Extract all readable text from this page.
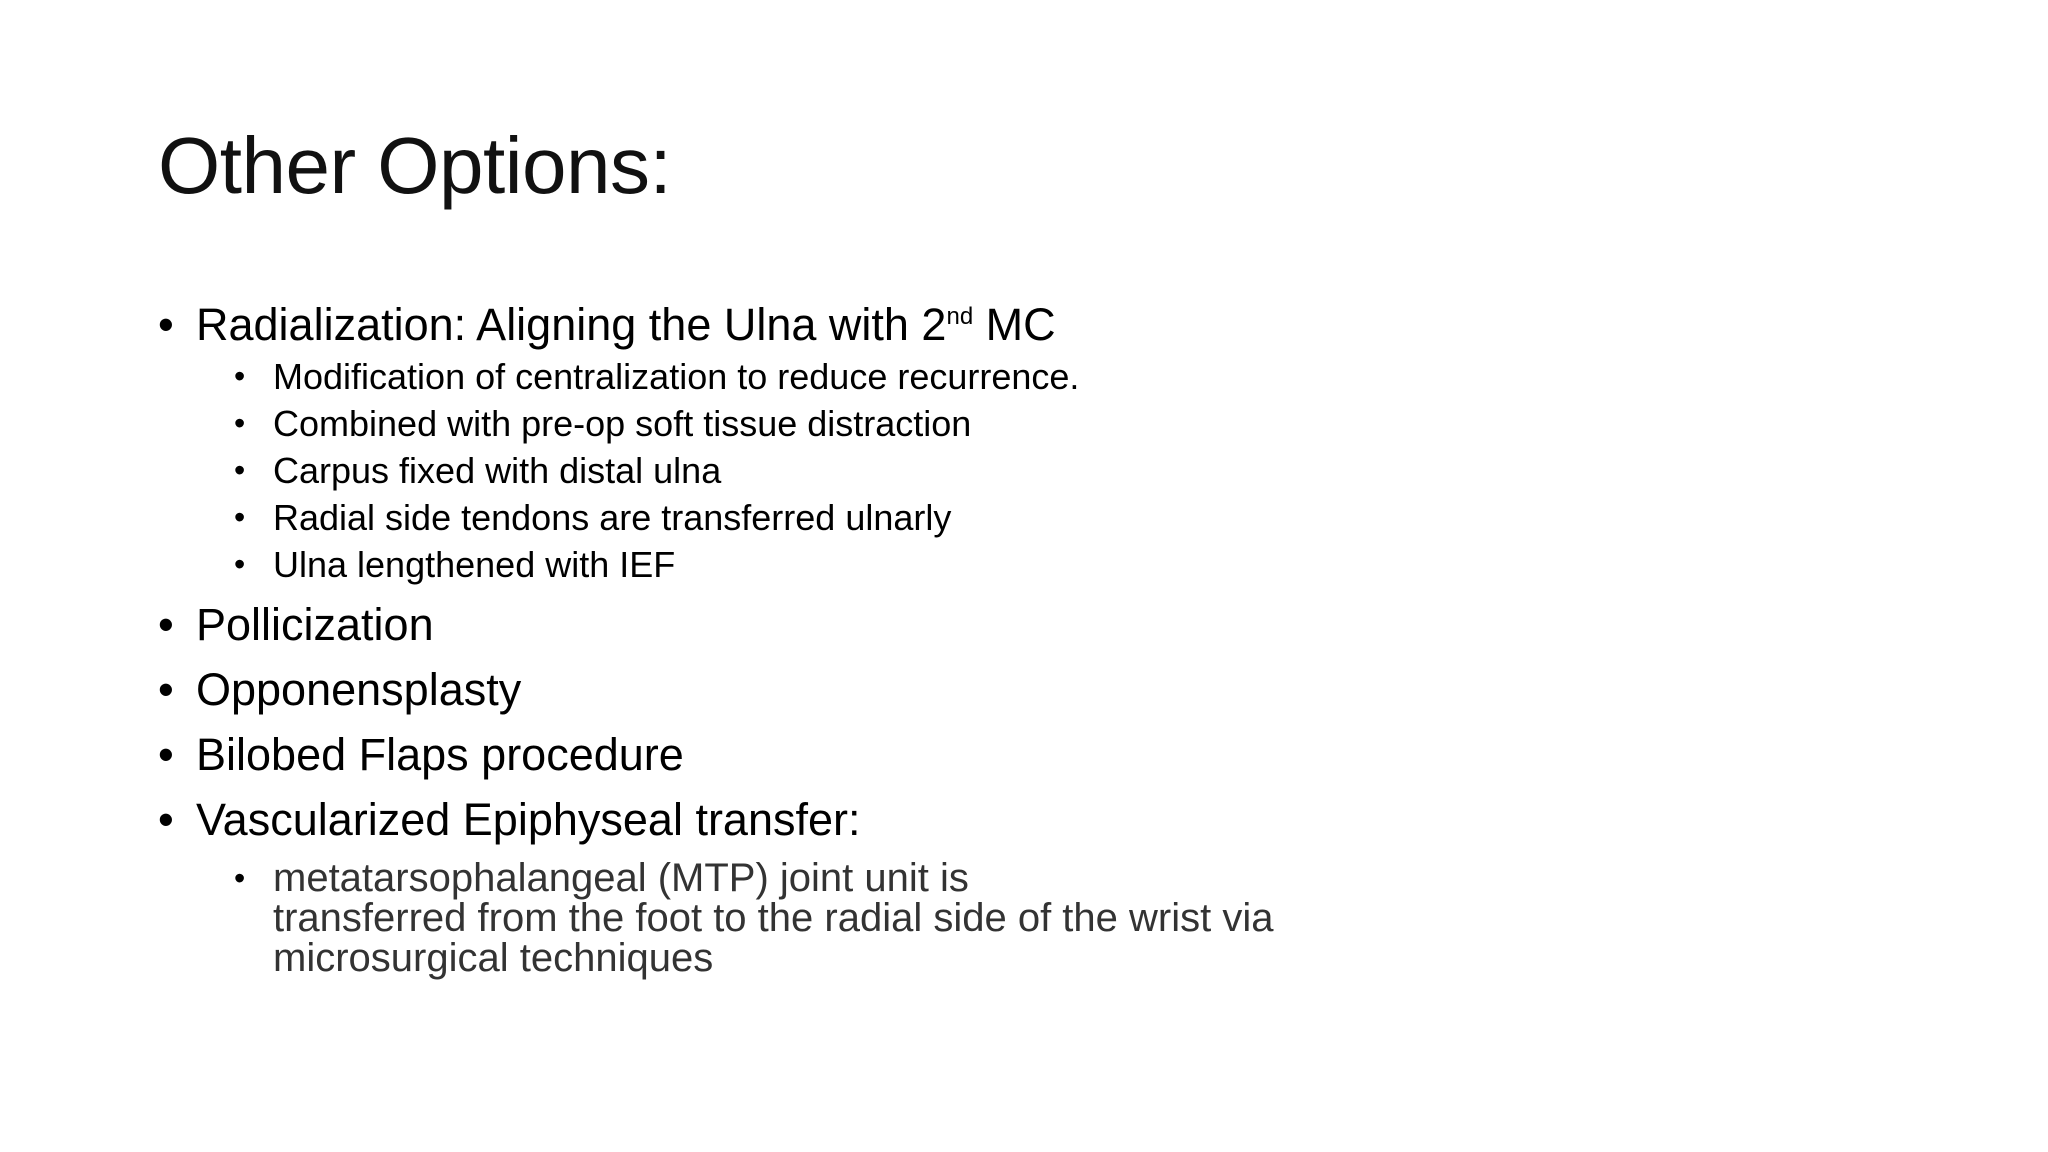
Other Options:
• Radialization: Aligning the Ulna with 2nd MC
• Modification of centralization to reduce recurrence.
• Combined with pre-op soft tissue distraction
• Carpus fixed with distal ulna
• Radial side tendons are transferred ulnarly
• Ulna lengthened with IEF
• Pollicization
• Opponensplasty
• Bilobed Flaps procedure
• Vascularized Epiphyseal transfer:
• metatarsophalangeal (MTP) joint unit is
transferred from the foot to the radial side of the wrist via
microsurgical techniques
